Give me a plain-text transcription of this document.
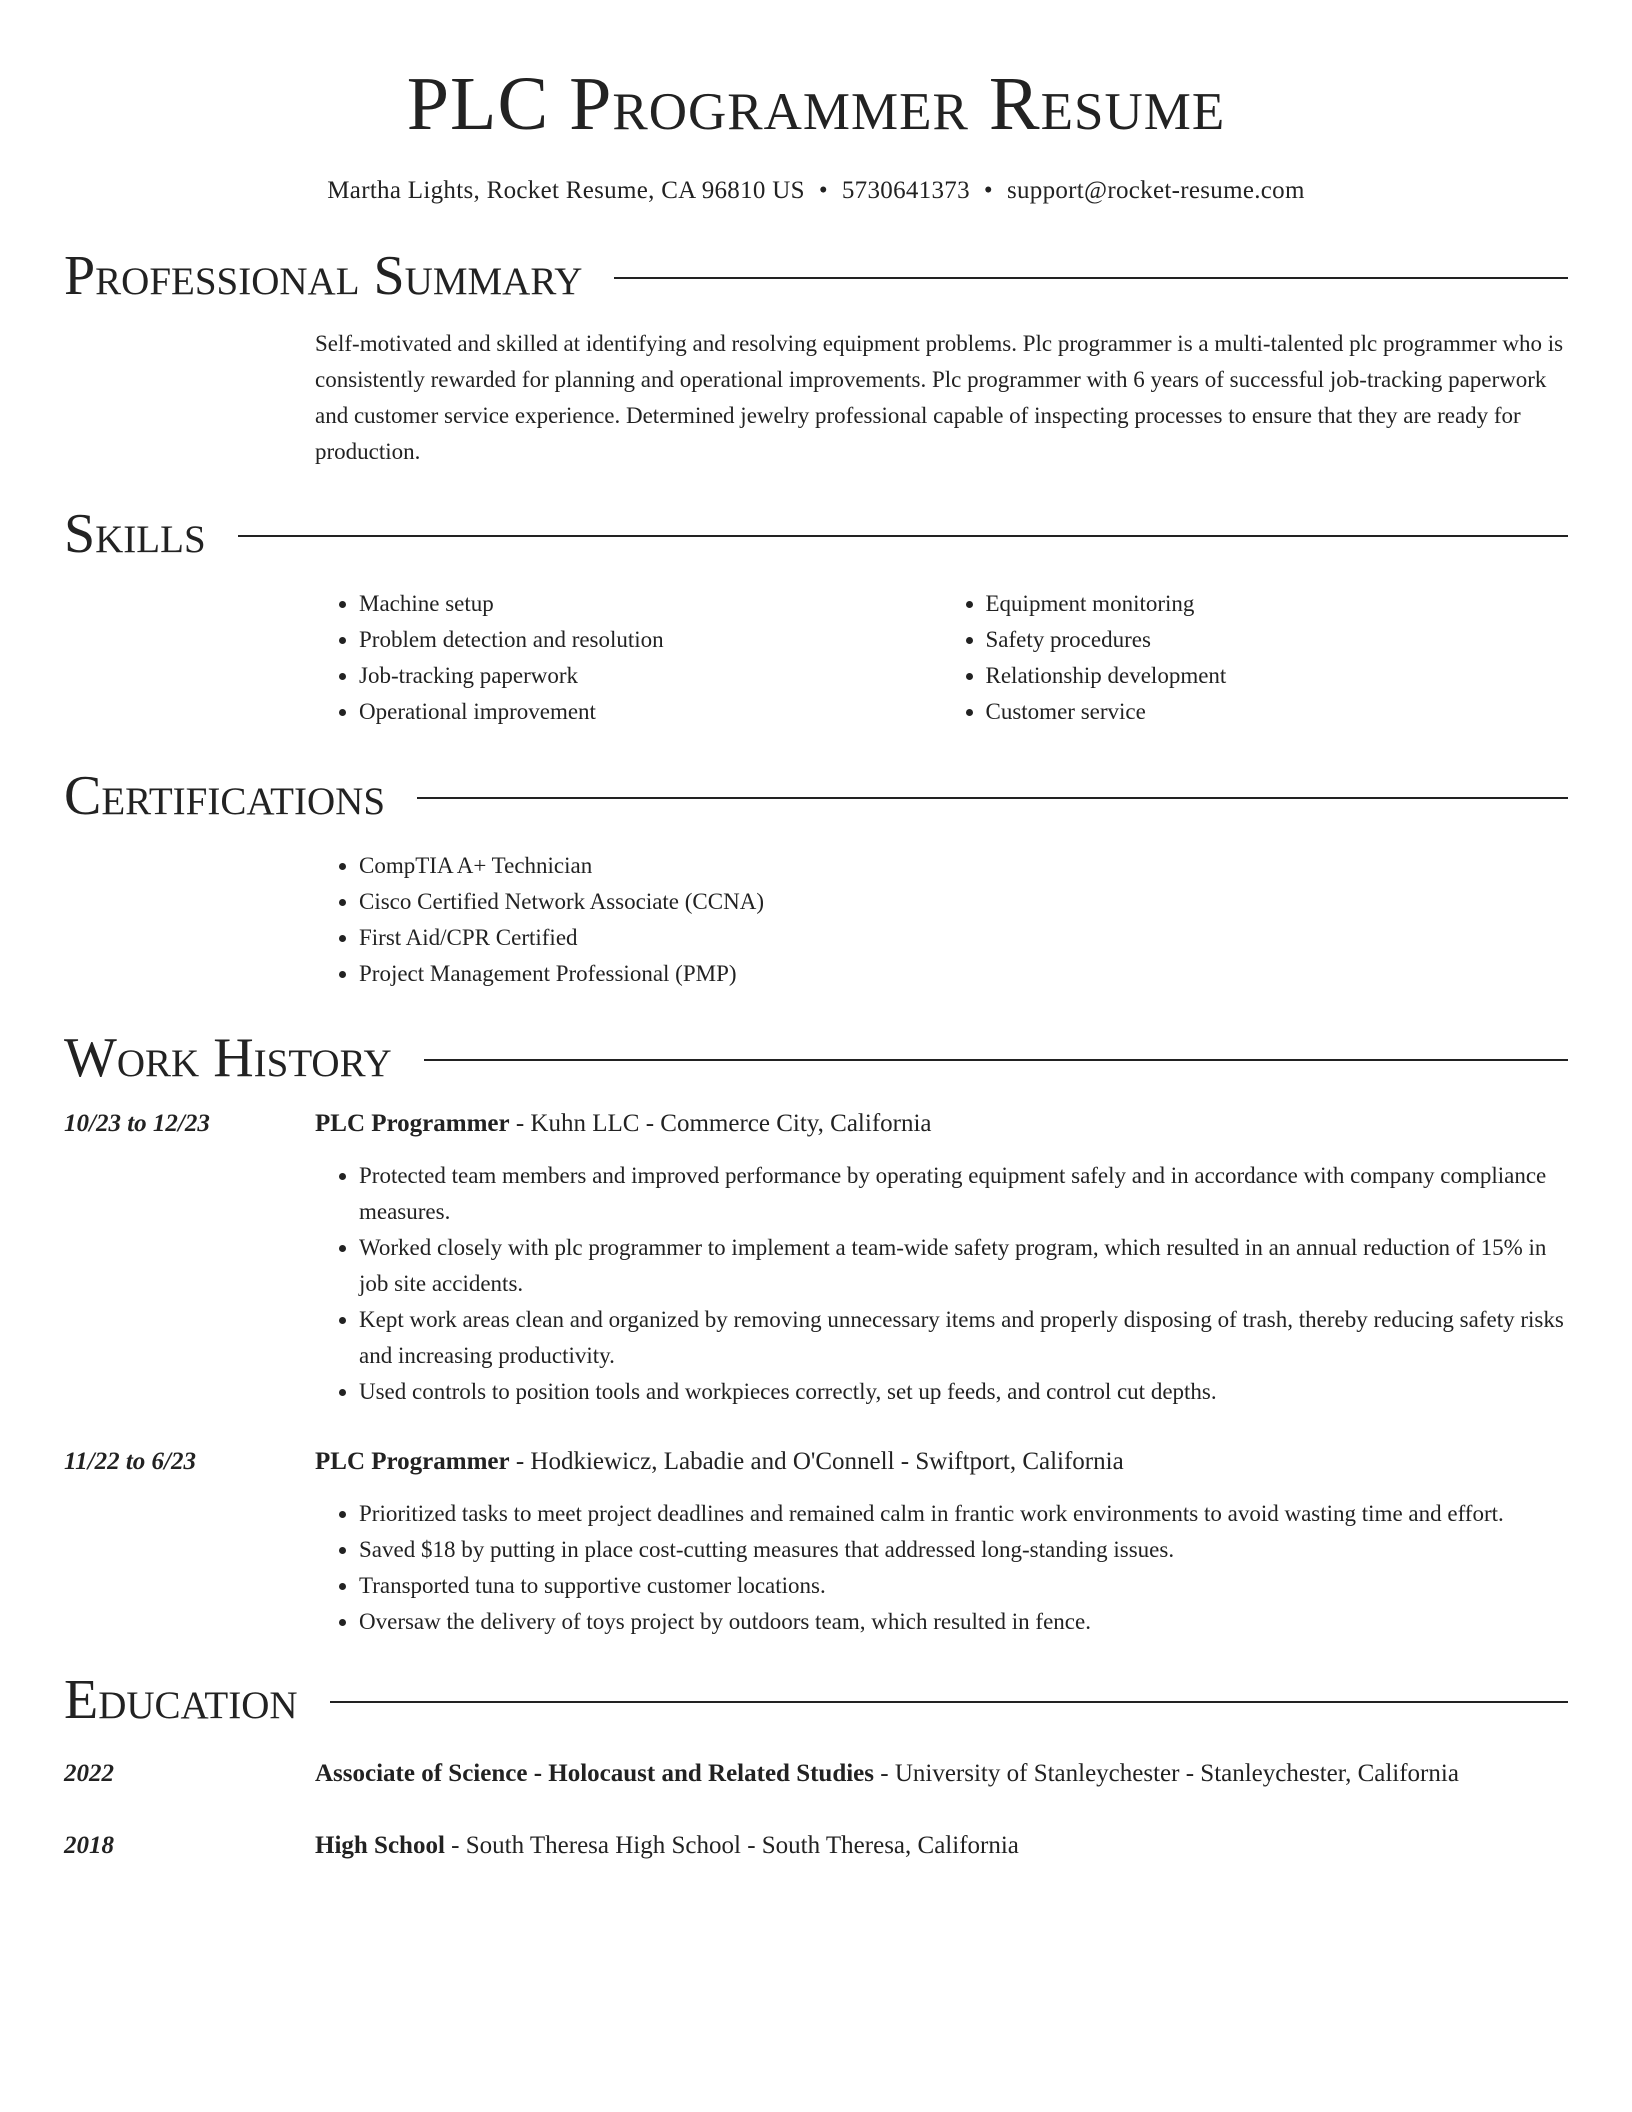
PLC Programmer Resume
Martha Lights, Rocket Resume, CA 96810 US • 5730641373 • support@rocket-resume.com
Professional Summary
Self-motivated and skilled at identifying and resolving equipment problems. Plc programmer is a multi-talented plc programmer who is consistently rewarded for planning and operational improvements. Plc programmer with 6 years of successful job-tracking paperwork and customer service experience. Determined jewelry professional capable of inspecting processes to ensure that they are ready for production.
Skills
• Machine setup
• Problem detection and resolution
• Job-tracking paperwork
• Operational improvement
• Equipment monitoring
• Safety procedures
• Relationship development
• Customer service
Certifications
• CompTIA A+ Technician
• Cisco Certified Network Associate (CCNA)
• First Aid/CPR Certified
• Project Management Professional (PMP)
Work History
10/23 to 12/23	PLC Programmer - Kuhn LLC - Commerce City, California
• Protected team members and improved performance by operating equipment safely and in accordance with company compliance measures.
• Worked closely with plc programmer to implement a team-wide safety program, which resulted in an annual reduction of 15% in job site accidents.
• Kept work areas clean and organized by removing unnecessary items and properly disposing of trash, thereby reducing safety risks and increasing productivity.
• Used controls to position tools and workpieces correctly, set up feeds, and control cut depths.
11/22 to 6/23	PLC Programmer - Hodkiewicz, Labadie and O'Connell - Swiftport, California
• Prioritized tasks to meet project deadlines and remained calm in frantic work environments to avoid wasting time and effort.
• Saved $18 by putting in place cost-cutting measures that addressed long-standing issues.
• Transported tuna to supportive customer locations.
• Oversaw the delivery of toys project by outdoors team, which resulted in fence.
Education
2022	Associate of Science - Holocaust and Related Studies - University of Stanleychester - Stanleychester, California
2018	High School - South Theresa High School - South Theresa, California
